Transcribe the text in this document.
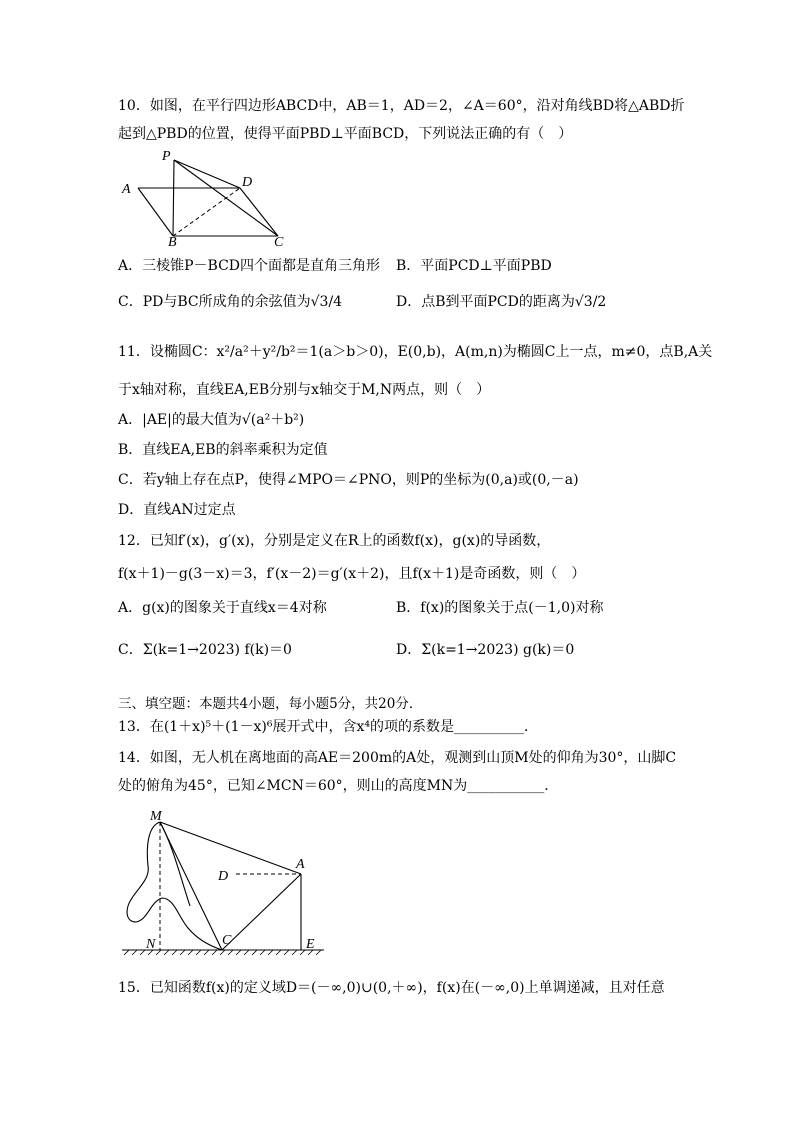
10．如图，在平行四边形ABCD中，AB＝1，AD＝2，∠A＝60°，沿对角线BD将△ABD折
起到△PBD的位置，使得平面PBD⊥平面BCD，下列说法正确的有（　）
P
A	D
B	C
A．三棱锥P－BCD四个面都是直角三角形 B．平面PCD⊥平面PBD
C．PD与BC所成角的余弦值为√3/4	D．点B到平面PCD的距离为√3/2
11．设椭圆C：x²/a²＋y²/b²＝1(a＞b＞0)，E(0,b)，A(m,n)为椭圆C上一点，m≠0，点B,A关
于x轴对称，直线EA,EB分别与x轴交于M,N两点，则（　）
A．|AE|的最大值为√(a²＋b²)
B．直线EA,EB的斜率乘积为定值
C．若y轴上存在点P，使得∠MPO＝∠PNO，则P的坐标为(0,a)或(0,－a)
D．直线AN过定点
12．已知f′(x)，g′(x)，分别是定义在R上的函数f(x)，g(x)的导函数，
f(x＋1)－g(3－x)＝3，f′(x－2)＝g′(x＋2)，且f(x＋1)是奇函数，则（　）
A．g(x)的图象关于直线x＝4对称	B．f(x)的图象关于点(－1,0)对称
C．Σ(k=1→2023) f(k)＝0	D．Σ(k=1→2023) g(k)＝0
三、填空题：本题共4小题，每小题5分，共20分．
13．在(1＋x)⁵＋(1－x)⁶展开式中，含x⁴的项的系数是__________．
14．如图，无人机在离地面的高AE＝200m的A处，观测到山顶M处的仰角为30°，山脚C
处的俯角为45°，已知∠MCN＝60°，则山的高度MN为___________.
M
A
D
N	C	E
15．已知函数f(x)的定义域D＝(－∞,0)∪(0,＋∞)，f(x)在(－∞,0)上单调递减，且对任意
